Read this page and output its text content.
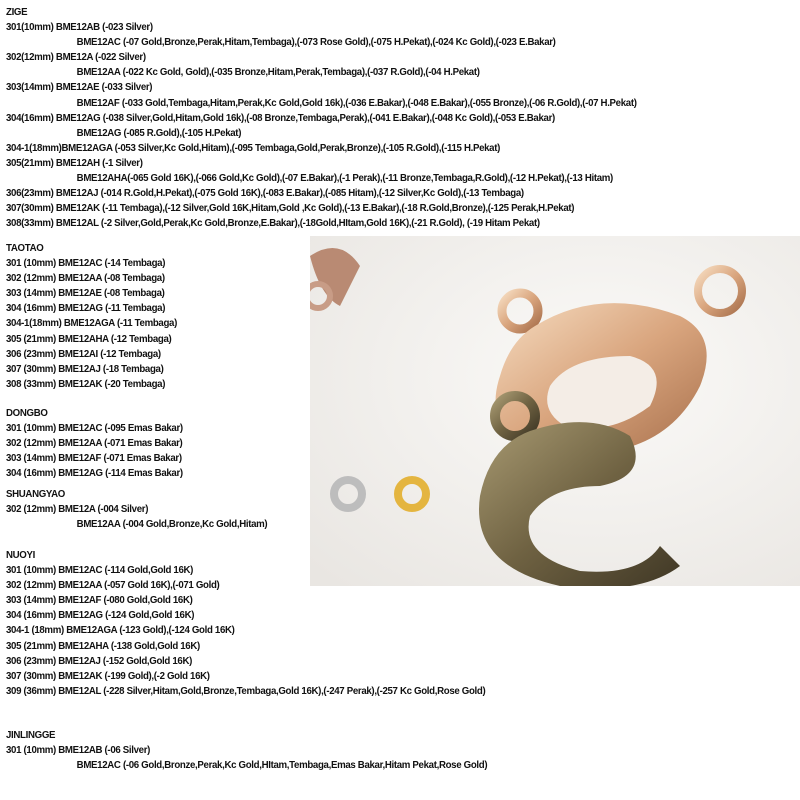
ZIGE
301(10mm) BME12AB (-023 Silver)
BME12AC (-07 Gold,Bronze,Perak,Hitam,Tembaga),(-073 Rose Gold),(-075 H.Pekat),(-024 Kc Gold),(-023 E.Bakar)
302(12mm) BME12A (-022 Silver)
BME12AA (-022 Kc Gold, Gold),(-035 Bronze,Hitam,Perak,Tembaga),(-037 R.Gold),(-04 H.Pekat)
303(14mm) BME12AE (-033 Silver)
BME12AF (-033 Gold,Tembaga,Hitam,Perak,Kc Gold,Gold 16k),(-036 E.Bakar),(-048 E.Bakar),(-055 Bronze),(-06 R.Gold),(-07 H.Pekat)
304(16mm) BME12AG (-038 Silver,Gold,Hitam,Gold 16k),(-08 Bronze,Tembaga,Perak),(-041 E.Bakar),(-048 Kc Gold),(-053 E.Bakar)
BME12AG (-085 R.Gold),(-105 H.Pekat)
304-1(18mm)BME12AGA (-053 Silver,Kc Gold,Hitam),(-095 Tembaga,Gold,Perak,Bronze),(-105 R.Gold),(-115 H.Pekat)
305(21mm) BME12AH (-1 Silver)
BME12AHA(-065 Gold 16K),(-066 Gold,Kc Gold),(-07 E.Bakar),(-1 Perak),(-11 Bronze,Tembaga,R.Gold),(-12 H.Pekat),(-13 Hitam)
306(23mm) BME12AJ (-014 R.Gold,H.Pekat),(-075 Gold 16K),(-083 E.Bakar),(-085 Hitam),(-12 Silver,Kc Gold),(-13 Tembaga)
307(30mm) BME12AK (-11 Tembaga),(-12 Silver,Gold 16K,Hitam,Gold ,Kc Gold),(-13 E.Bakar),(-18 R.Gold,Bronze),(-125 Perak,H.Pekat)
308(33mm) BME12AL (-2 Silver,Gold,Perak,Kc Gold,Bronze,E.Bakar),(-18Gold,HItam,Gold 16K),(-21 R.Gold), (-19 Hitam Pekat)
TAOTAO
301 (10mm) BME12AC (-14 Tembaga)
302 (12mm) BME12AA (-08 Tembaga)
303 (14mm) BME12AE (-08 Tembaga)
304 (16mm) BME12AG (-11 Tembaga)
304-1(18mm) BME12AGA (-11 Tembaga)
305 (21mm) BME12AHA (-12 Tembaga)
306 (23mm) BME12AI (-12 Tembaga)
307 (30mm) BME12AJ (-18 Tembaga)
308 (33mm) BME12AK (-20 Tembaga)
DONGBO
301 (10mm) BME12AC (-095 Emas Bakar)
302 (12mm) BME12AA (-071 Emas Bakar)
303 (14mm) BME12AF (-071 Emas Bakar)
304 (16mm) BME12AG (-114 Emas Bakar)
SHUANGYAO
302 (12mm) BME12A (-004 Silver)
BME12AA (-004 Gold,Bronze,Kc Gold,Hitam)
NUOYI
301 (10mm) BME12AC (-114 Gold,Gold 16K)
302 (12mm) BME12AA (-057 Gold 16K),(-071 Gold)
303 (14mm) BME12AF (-080 Gold,Gold 16K)
304 (16mm) BME12AG (-124 Gold,Gold 16K)
304-1 (18mm) BME12AGA (-123 Gold),(-124 Gold 16K)
305 (21mm) BME12AHA (-138 Gold,Gold 16K)
306 (23mm) BME12AJ (-152 Gold,Gold 16K)
307 (30mm) BME12AK (-199 Gold),(-2 Gold 16K)
309 (36mm) BME12AL (-228 Silver,Hitam,Gold,Bronze,Tembaga,Gold 16K),(-247 Perak),(-257 Kc Gold,Rose Gold)
JINLINGGE
301 (10mm) BME12AB (-06 Silver)
BME12AC (-06 Gold,Bronze,Perak,Kc Gold,HItam,Tembaga,Emas Bakar,Hitam Pekat,Rose Gold)
